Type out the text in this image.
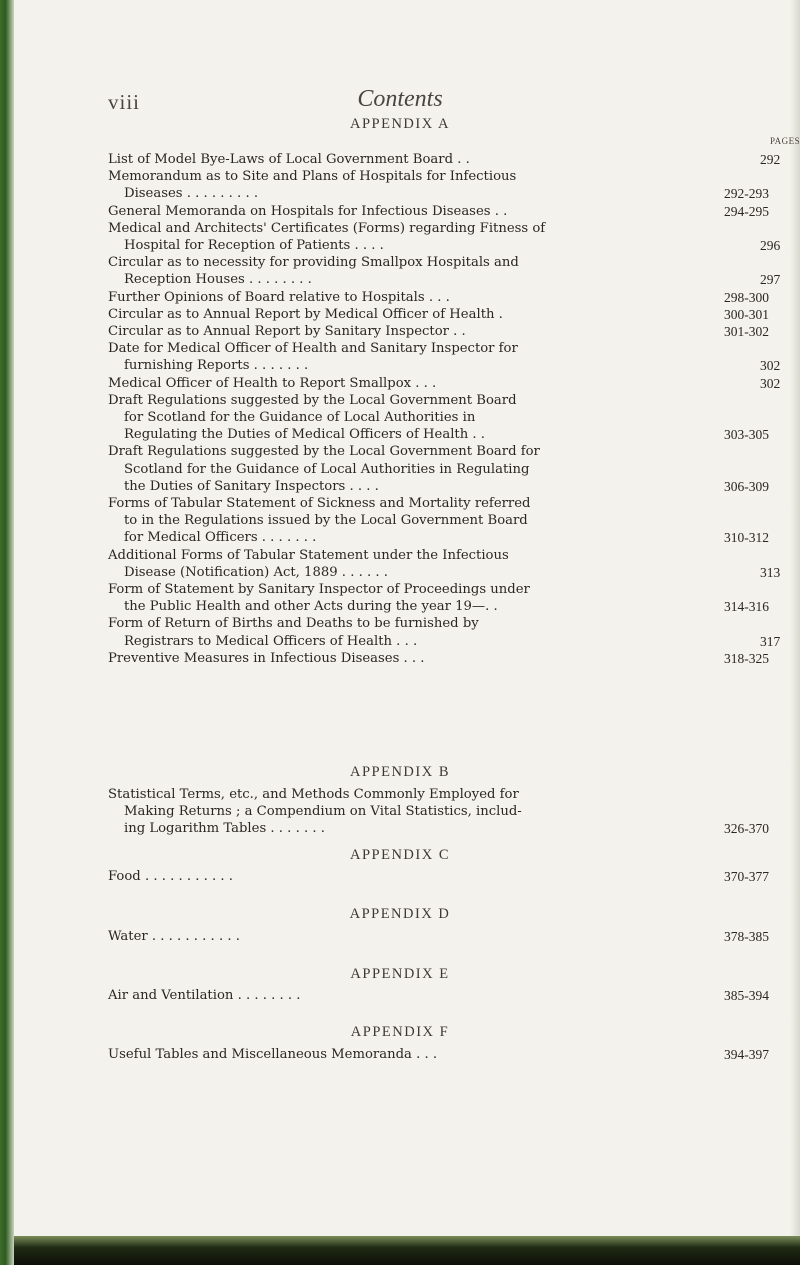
viii	Contents
APPENDIX A
PAGES
List of Model Bye-Laws of Local Government Board . .	292
Memorandum as to Site and Plans of Hospitals for Infectious
Diseases . . . . . . . . .	292-293
General Memoranda on Hospitals for Infectious Diseases . .	294-295
Medical and Architects' Certificates (Forms) regarding Fitness of
Hospital for Reception of Patients . . . .	296
Circular as to necessity for providing Smallpox Hospitals and
Reception Houses . . . . . . . .	297
Further Opinions of Board relative to Hospitals . . .	298-300
Circular as to Annual Report by Medical Officer of Health .	300-301
Circular as to Annual Report by Sanitary Inspector . .	301-302
Date for Medical Officer of Health and Sanitary Inspector for
furnishing Reports . . . . . . .	302
Medical Officer of Health to Report Smallpox . . .	302
Draft Regulations suggested by the Local Government Board
for Scotland for the Guidance of Local Authorities in
Regulating the Duties of Medical Officers of Health . .	303-305
Draft Regulations suggested by the Local Government Board for
Scotland for the Guidance of Local Authorities in Regulating
the Duties of Sanitary Inspectors . . . .	306-309
Forms of Tabular Statement of Sickness and Mortality referred
to in the Regulations issued by the Local Government Board
for Medical Officers . . . . . . .	310-312
Additional Forms of Tabular Statement under the Infectious
Disease (Notification) Act, 1889 . . . . . .	313
Form of Statement by Sanitary Inspector of Proceedings under
the Public Health and other Acts during the year 19—. .	314-316
Form of Return of Births and Deaths to be furnished by
Registrars to Medical Officers of Health . . .	317
Preventive Measures in Infectious Diseases . . .	318-325
APPENDIX B
Statistical Terms, etc., and Methods Commonly Employed for
Making Returns ; a Compendium on Vital Statistics, includ-
ing Logarithm Tables . . . . . . .	326-370
APPENDIX C
Food . . . . . . . . . . .	370-377
APPENDIX D
Water . . . . . . . . . . .	378-385
APPENDIX E
Air and Ventilation . . . . . . . .	385-394
APPENDIX F
Useful Tables and Miscellaneous Memoranda . . .	394-397
